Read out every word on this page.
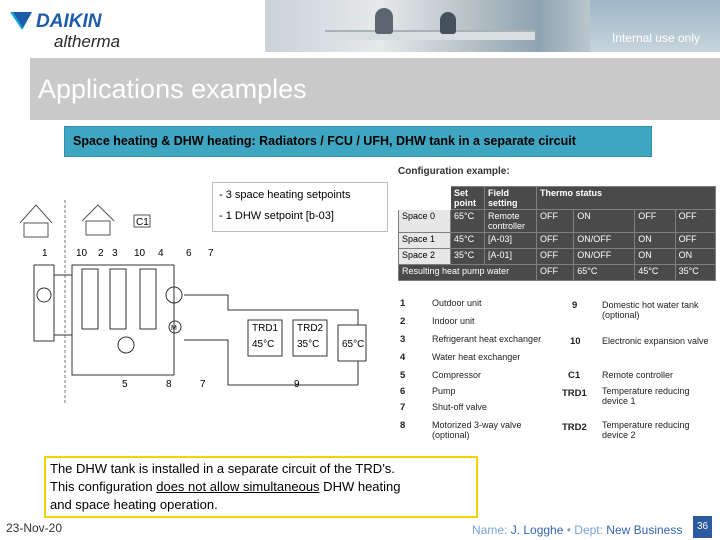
DAIKIN
altherma	Internal use only
Applications examples
Space heating & DHW heating: Radiators / FCU / UFH, DHW tank in a separate circuit
C1
1	10 2 3 10 4 6 7
M	TRD1 TRD2
45°C 35°C 65°C
5	8	7	9
Configuration example:
	Set point	Field setting	Thermo status			
Space 0	65°C	Remote controller	OFF	ON	OFF	OFF
Space 1	45°C	[A-03]	OFF	ON/OFF	ON	OFF
Space 2	35°C	[A-01]	OFF	ON/OFF	ON	ON
Resulting heat pump water			OFF	65°C	45°C	35°C
- 3 space heating setpoints
- 1 DHW setpoint [b-03]
1	Outdoor unit
2	Indoor unit
3	Refrigerant heat exchanger
4	Water heat exchanger
5	Compressor
6	Pump
7	Shut-off valve
8	Motorized 3-way valve (optional)
9	Domestic hot water tank (optional)
10 Electronic expansion valve
C1 Remote controller
TRD1 Temperature reducing device 1
TRD2 Temperature reducing device 2
The DHW tank is installed in a separate circuit of the TRD’s.
This configuration does not allow simultaneous DHW heating
and space heating operation.
23-Nov-20	Name: J. Logghe • Dept: New Business	36
